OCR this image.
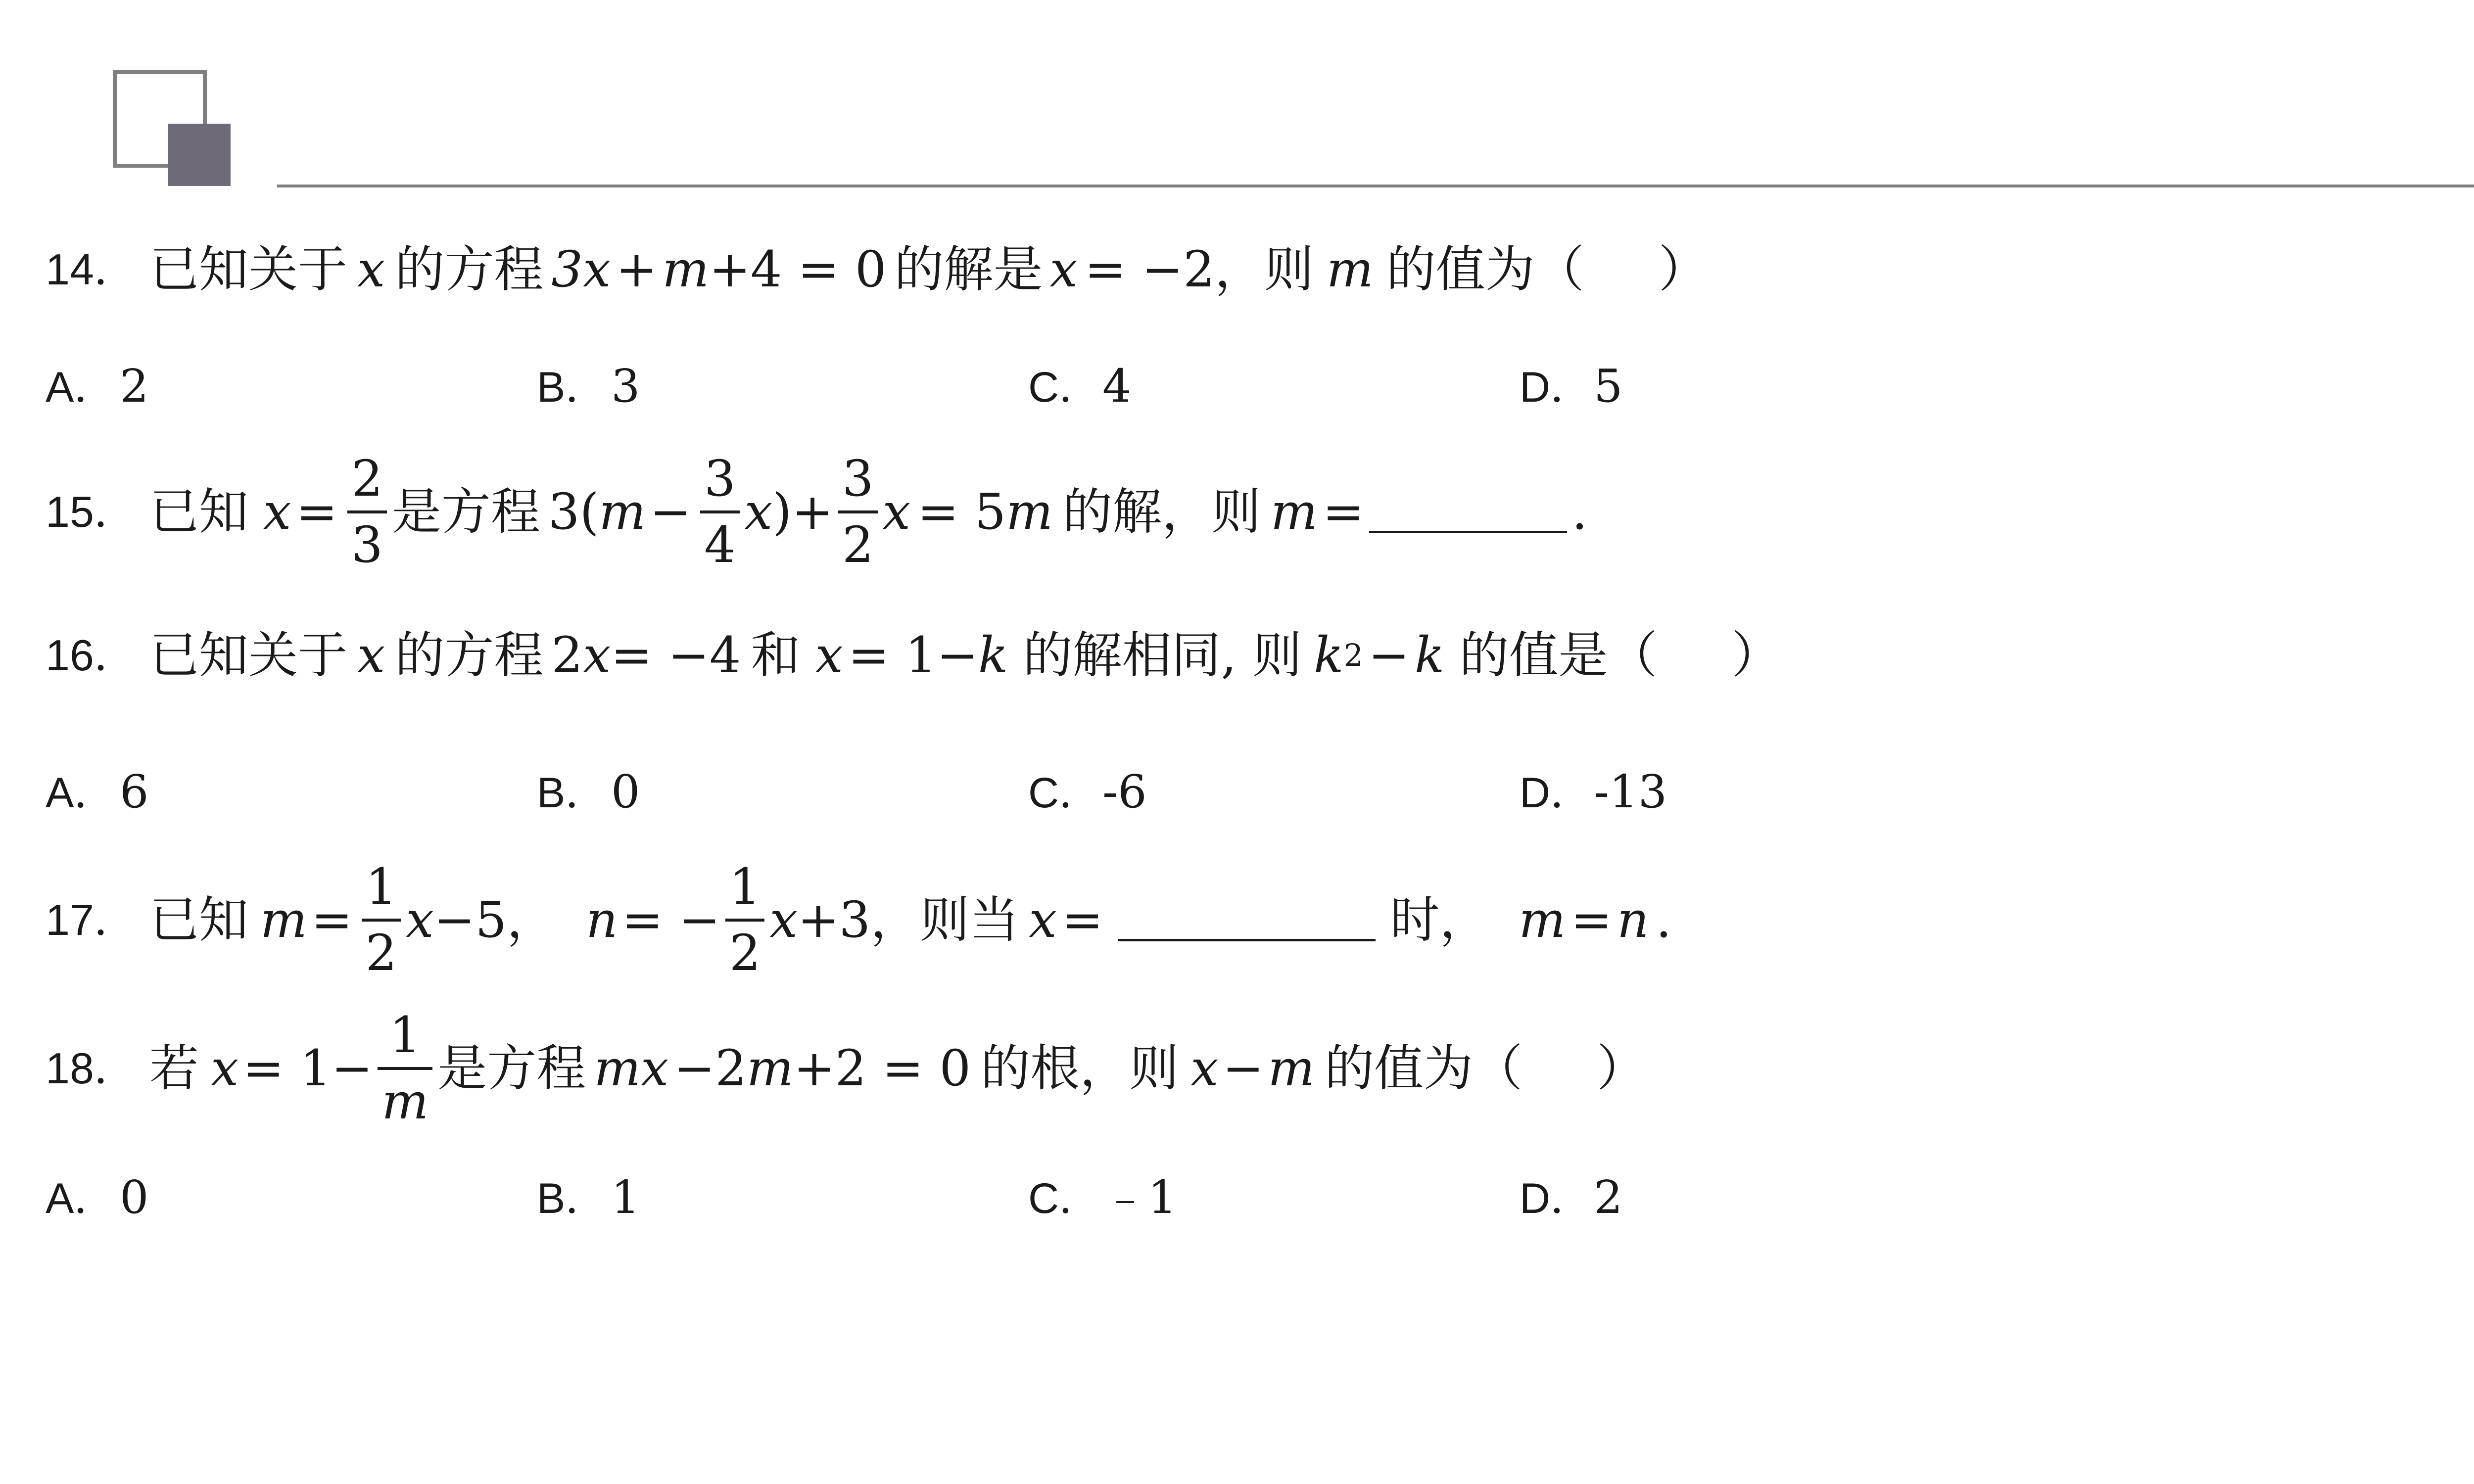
14． 已知关于 x 的方程 3x + m +4 = 0 的解是 x = −2，则 m 的值为（ ）
A．2	B．3	C．4	D．5
15． 已知 $x = \frac{2}{3}$ 是方程 3( $m - \frac{3}{4}$ x )+ $\frac{3}{2}$ x = 5 m 的解，则 m =	.
16． 已知关于 x 的方程 2 x = −4 和 x = 1− k 的解相同, 则 k 2 − k 的值是（ ）
A．6	B．0	C．-6	D．-13
17． 已知 $m = \frac{1}{2}$ x −5， n = − $\frac{1}{2}$ x +3，则当 x =	时， m = n .
18． 若 $x = 1- \frac{1}{m}$ 是方程 mx −2 m +2 = 0 的根，则 x − m 的值为（ ）
A．0	B．1	C．﹣1	D．2
